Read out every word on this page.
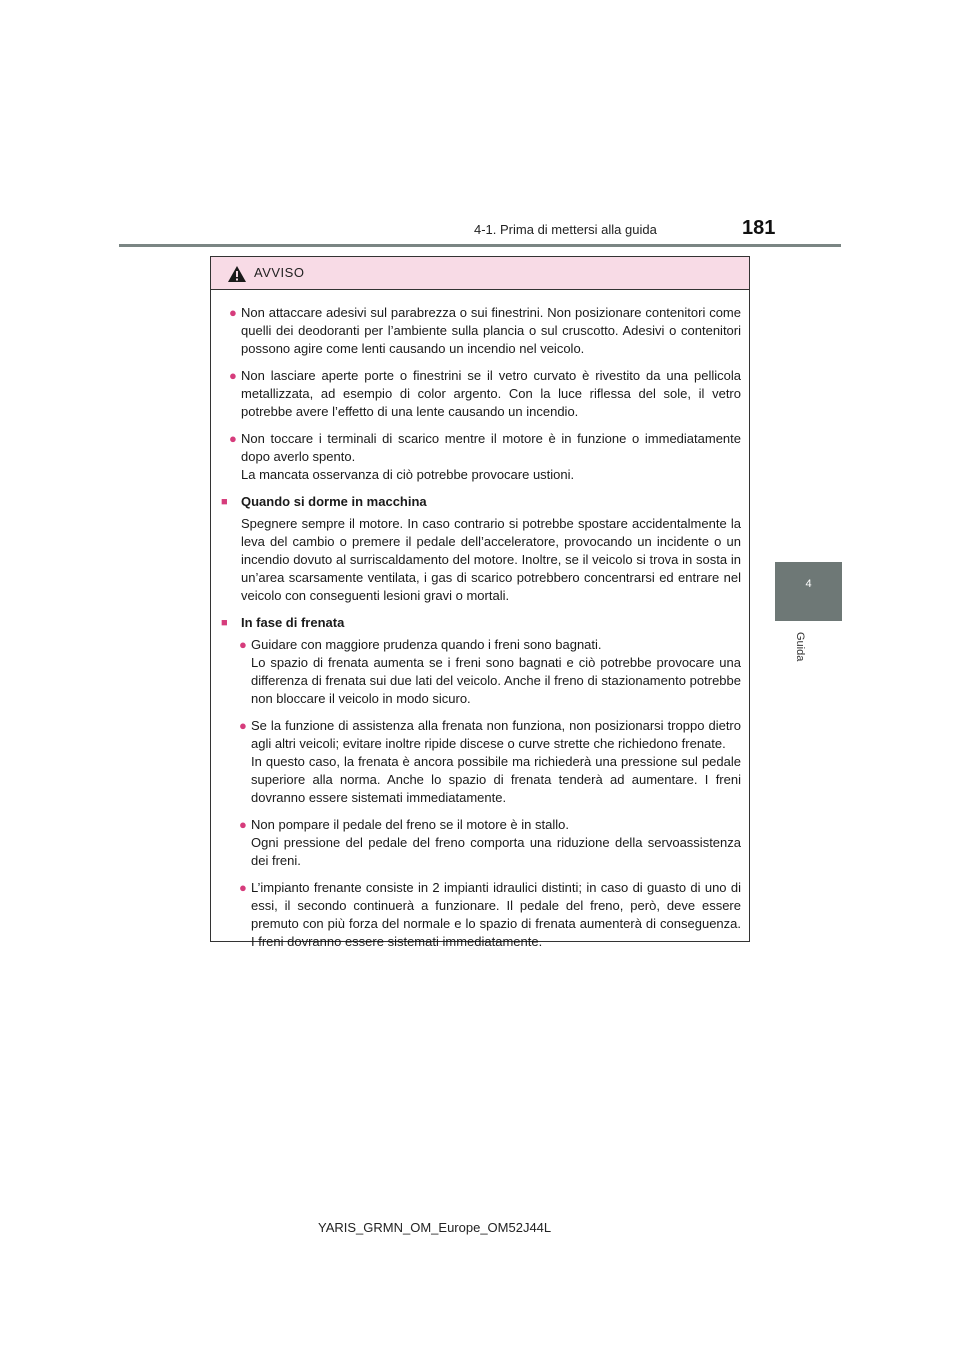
4-1. Prima di mettersi alla guida	181
4
Guida
AVVISO
● Non attaccare adesivi sul parabrezza o sui finestrini. Non posizionare contenitori come quelli dei deodoranti per l’ambiente sulla plancia o sul cruscotto. Adesivi o contenitori possono agire come lenti causando un incendio nel veicolo.

● Non lasciare aperte porte o finestrini se il vetro curvato è rivestito da una pellicola metallizzata, ad esempio di color argento. Con la luce riflessa del sole, il vetro potrebbe avere l’effetto di una lente causando un incendio.

● Non toccare i terminali di scarico mentre il motore è in funzione o immediatamente dopo averlo spento.

La mancata osservanza di ciò potrebbe provocare ustioni.

■	Quando si dorme in macchina

Spegnere sempre il motore. In caso contrario si potrebbe spostare accidentalmente la leva del cambio o premere il pedale dell’acceleratore, provocando un incidente o un incendio dovuto al surriscaldamento del motore. Inoltre, se il veicolo si trova in sosta in un’area scarsamente ventilata, i gas di scarico potrebbero concentrarsi ed entrare nel veicolo con conseguenti lesioni gravi o mortali.

■	In fase di frenata
● Guidare con maggiore prudenza quando i freni sono bagnati.

Lo spazio di frenata aumenta se i freni sono bagnati e ciò potrebbe provocare una differenza di frenata sui due lati del veicolo. Anche il freno di stazionamento potrebbe non bloccare il veicolo in modo sicuro.

● Se la funzione di assistenza alla frenata non funziona, non posizionarsi troppo dietro agli altri veicoli; evitare inoltre ripide discese o curve strette che richiedono frenate.

In questo caso, la frenata è ancora possibile ma richiederà una pressione sul pedale superiore alla norma. Anche lo spazio di frenata tenderà ad aumentare. I freni dovranno essere sistemati immediatamente.

● Non pompare il pedale del freno se il motore è in stallo.

Ogni pressione del pedale del freno comporta una riduzione della servoassistenza dei freni.

● L’impianto frenante consiste in 2 impianti idraulici distinti; in caso di guasto di uno di essi, il secondo continuerà a funzionare. Il pedale del freno, però, deve essere premuto con più forza del normale e lo spazio di frenata aumenterà di conseguenza. I freni dovranno essere sistemati immediatamente.

YARIS_GRMN_OM_Europe_OM52J44L
